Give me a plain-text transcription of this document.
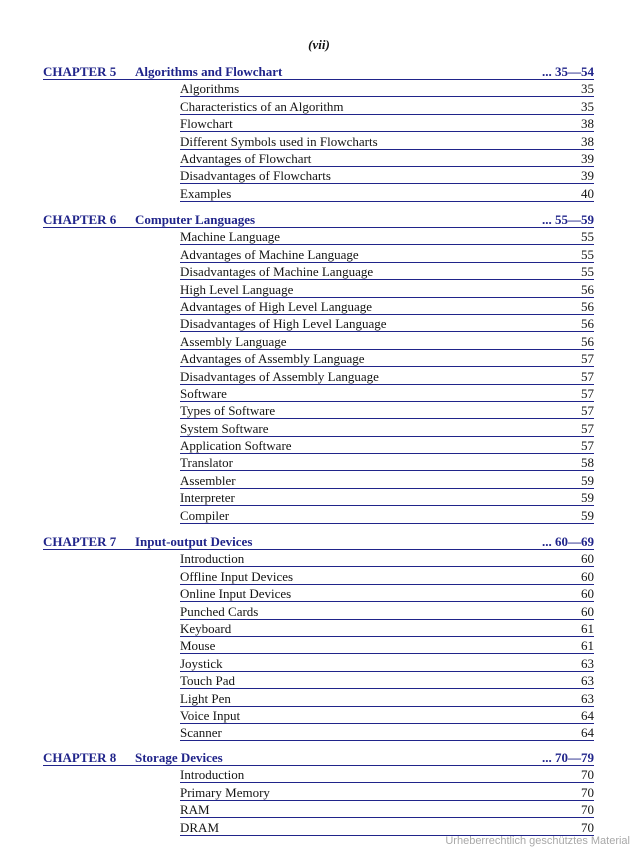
(vii)
CHAPTER 5 Algorithms and Flowchart	... 35—54
Algorithms	35
Characteristics of an Algorithm	35
Flowchart	38
Different Symbols used in Flowcharts	38
Advantages of Flowchart	39
Disadvantages of Flowcharts	39
Examples	40
CHAPTER 6 Computer Languages	... 55—59
Machine Language	55
Advantages of Machine Language	55
Disadvantages of Machine Language	55
High Level Language	56
Advantages of High Level Language	56
Disadvantages of High Level Language	56
Assembly Language	56
Advantages of Assembly Language	57
Disadvantages of Assembly Language	57
Software	57
Types of Software	57
System Software	57
Application Software	57
Translator	58
Assembler	59
Interpreter	59
Compiler	59
CHAPTER 7 Input-output Devices	... 60—69
Introduction	60
Offline Input Devices	60
Online Input Devices	60
Punched Cards	60
Keyboard	61
Mouse	61
Joystick	63
Touch Pad	63
Light Pen	63
Voice Input	64
Scanner	64
CHAPTER 8 Storage Devices	... 70—79
Introduction	70
Primary Memory	70
RAM	70
DRAM	70
Urheberrechtlich geschütztes Material
